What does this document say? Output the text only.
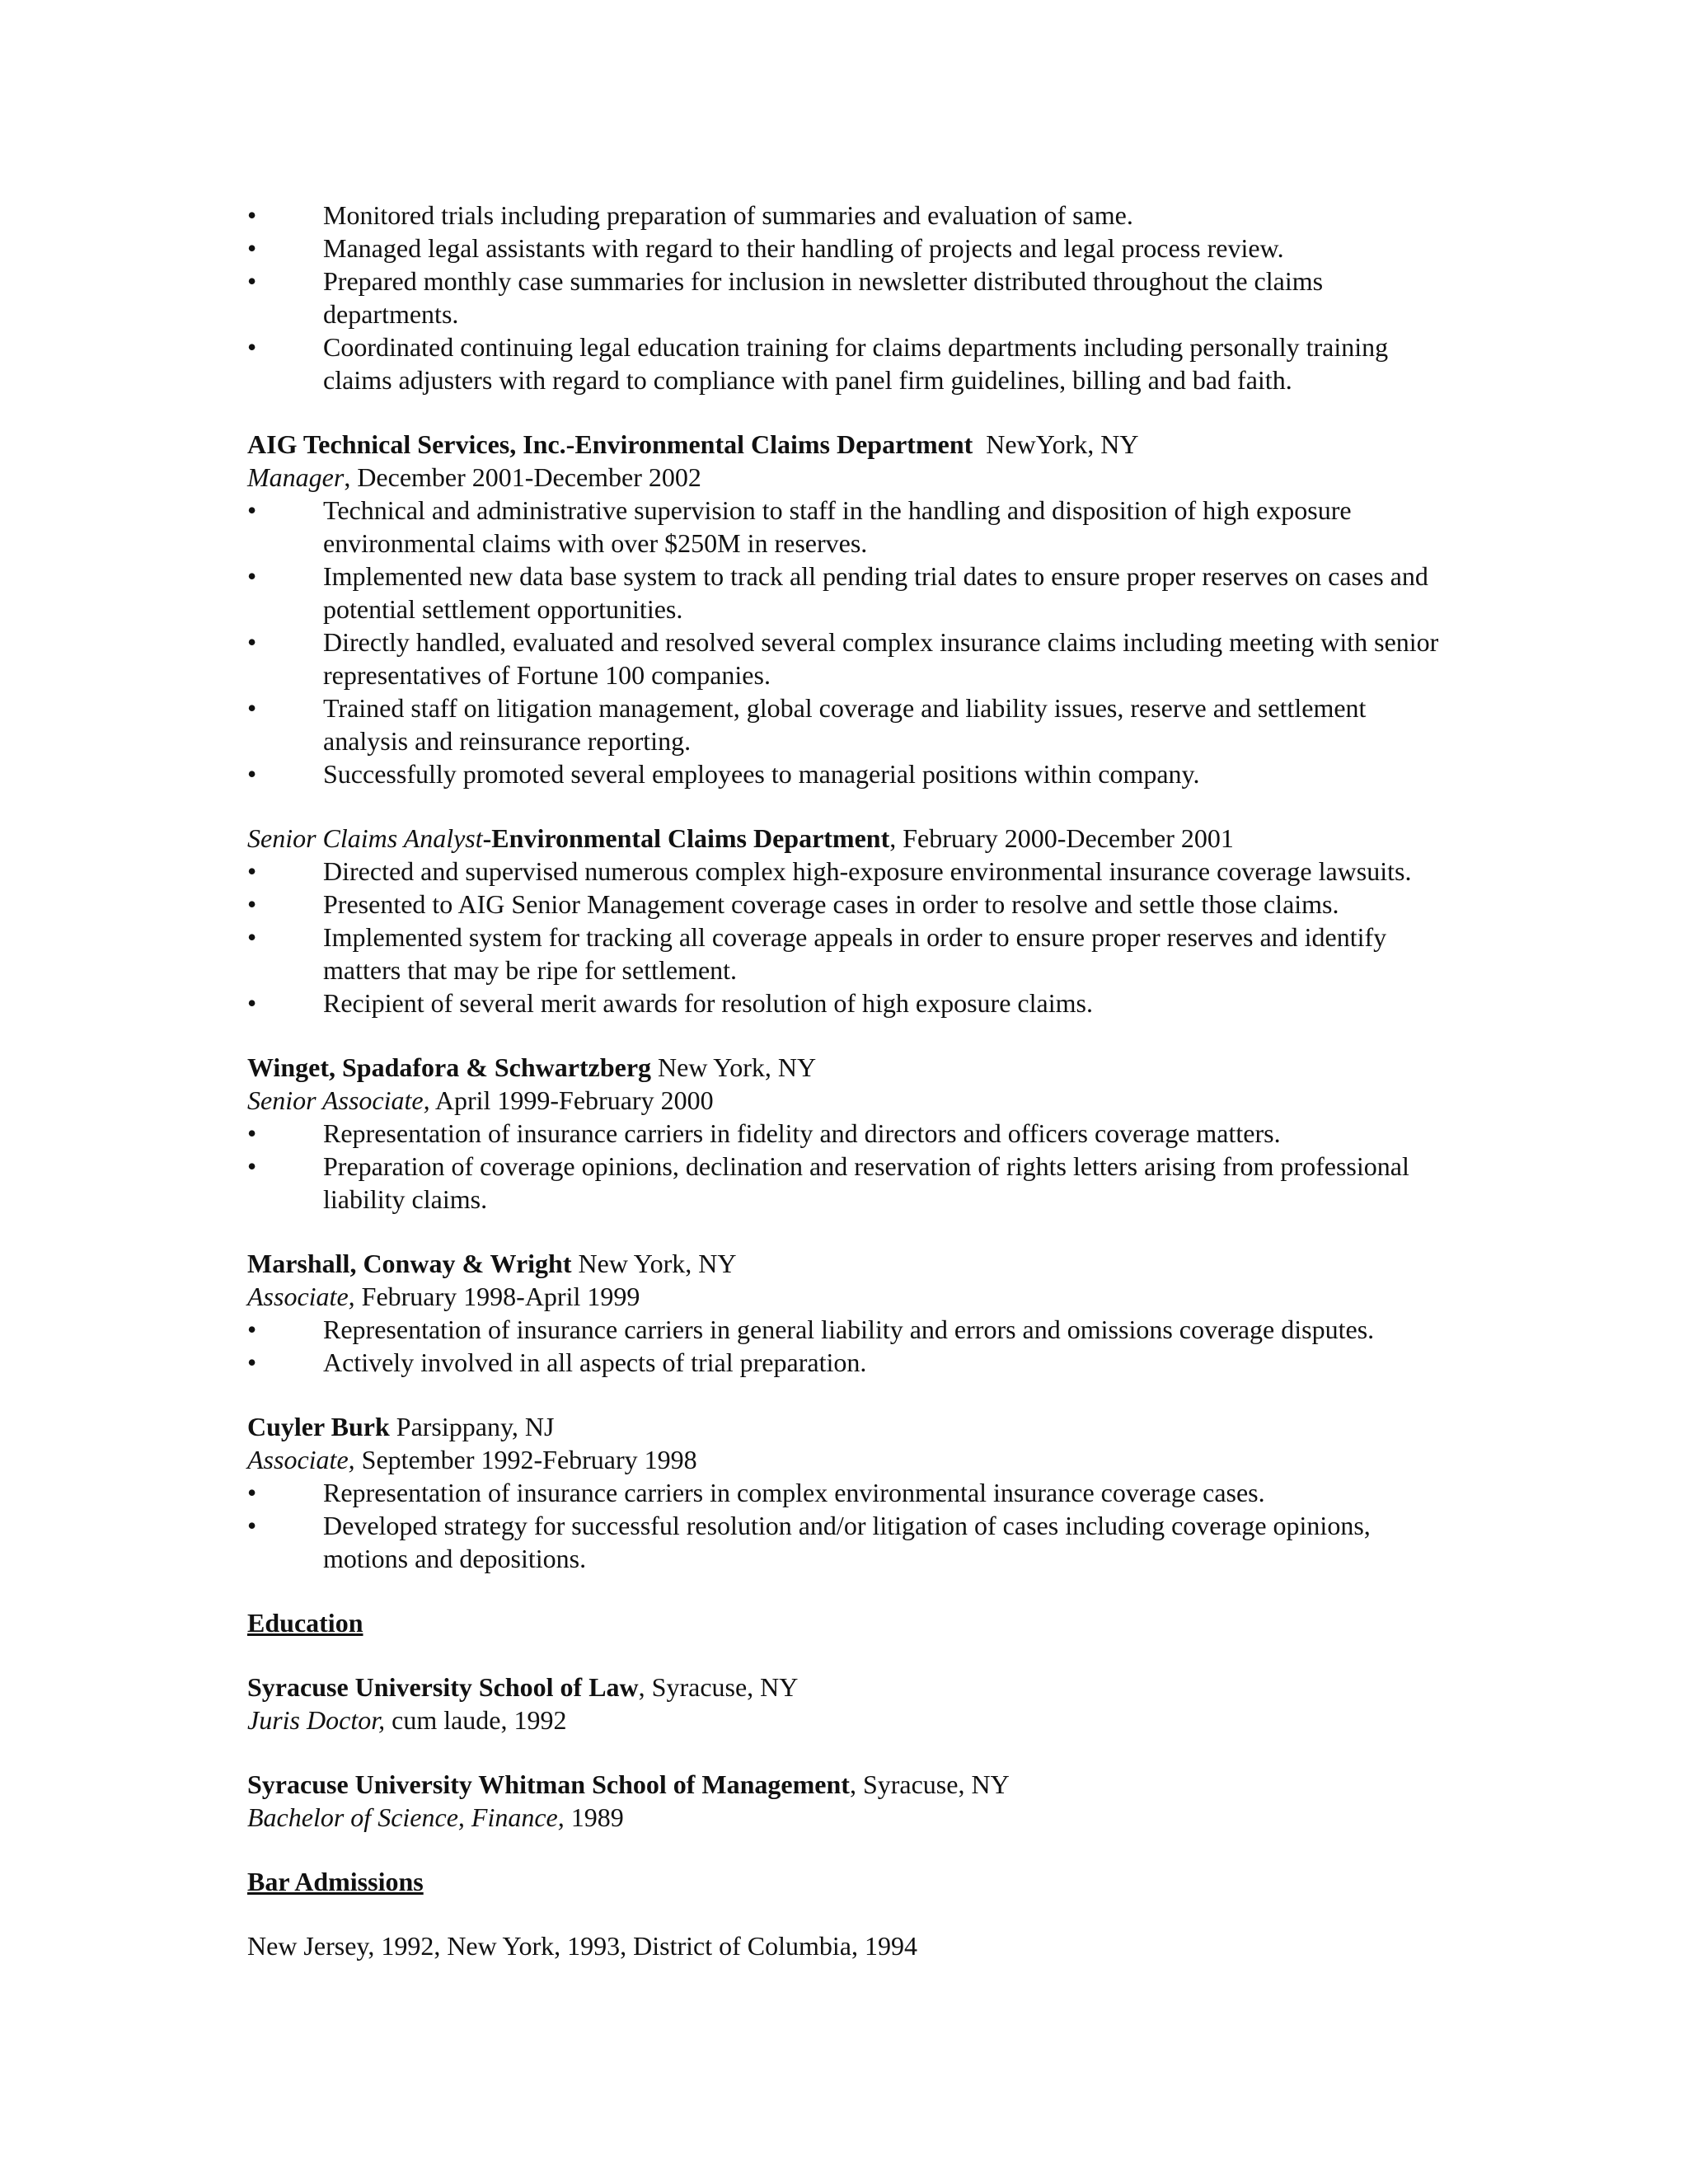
•	Monitored trials including preparation of summaries and evaluation of same.
•	Managed legal assistants with regard to their handling of projects and legal process review.
•	Prepared monthly case summaries for inclusion in newsletter distributed throughout the claims departments.
•	Coordinated continuing legal education training for claims departments including personally training claims adjusters with regard to compliance with panel firm guidelines, billing and bad faith.
AIG Technical Services, Inc.-Environmental Claims Department NewYork, NY
Manager, December 2001-December 2002
•	Technical and administrative supervision to staff in the handling and disposition of high exposure environmental claims with over $250M in reserves.
•	Implemented new data base system to track all pending trial dates to ensure proper reserves on cases and potential settlement opportunities.
•	Directly handled, evaluated and resolved several complex insurance claims including meeting with senior representatives of Fortune 100 companies.
•	Trained staff on litigation management, global coverage and liability issues, reserve and settlement analysis and reinsurance reporting.
•	Successfully promoted several employees to managerial positions within company.
Senior Claims Analyst-Environmental Claims Department, February 2000-December 2001
•	Directed and supervised numerous complex high-exposure environmental insurance coverage lawsuits.
•	Presented to AIG Senior Management coverage cases in order to resolve and settle those claims.
•	Implemented system for tracking all coverage appeals in order to ensure proper reserves and identify matters that may be ripe for settlement.
•	Recipient of several merit awards for resolution of high exposure claims.
Winget, Spadafora & Schwartzberg New York, NY
Senior Associate, April 1999-February 2000
•	Representation of insurance carriers in fidelity and directors and officers coverage matters.
•	Preparation of coverage opinions, declination and reservation of rights letters arising from professional liability claims.
Marshall, Conway & Wright New York, NY
Associate, February 1998-April 1999
•	Representation of insurance carriers in general liability and errors and omissions coverage disputes.
•	Actively involved in all aspects of trial preparation.
Cuyler Burk Parsippany, NJ
Associate, September 1992-February 1998
•	Representation of insurance carriers in complex environmental insurance coverage cases.
•	Developed strategy for successful resolution and/or litigation of cases including coverage opinions, motions and depositions.
Education
Syracuse University School of Law, Syracuse, NY
Juris Doctor, cum laude, 1992
Syracuse University Whitman School of Management, Syracuse, NY
Bachelor of Science, Finance, 1989
Bar Admissions
New Jersey, 1992, New York, 1993, District of Columbia, 1994
